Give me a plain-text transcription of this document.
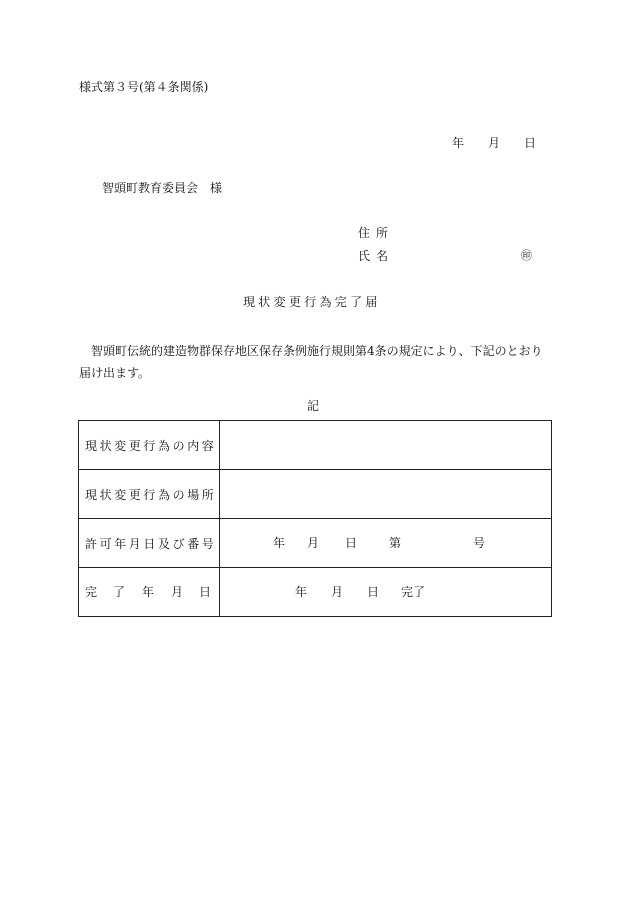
様式第３号(第４条関係)
年 月 日
智頭町教育委員会　様
住所
氏名	㊞
現状変更行為完了届
智頭町伝統的建造物群保存地区保存条例施行規則第4条の規定により、下記のとおり届け出ます。
記
現状変更行為の内容	
現状変更行為の場所	
許可年月日及び番号	年 月 日 第 号

完 了 年 月 日	年 月 日 完了
